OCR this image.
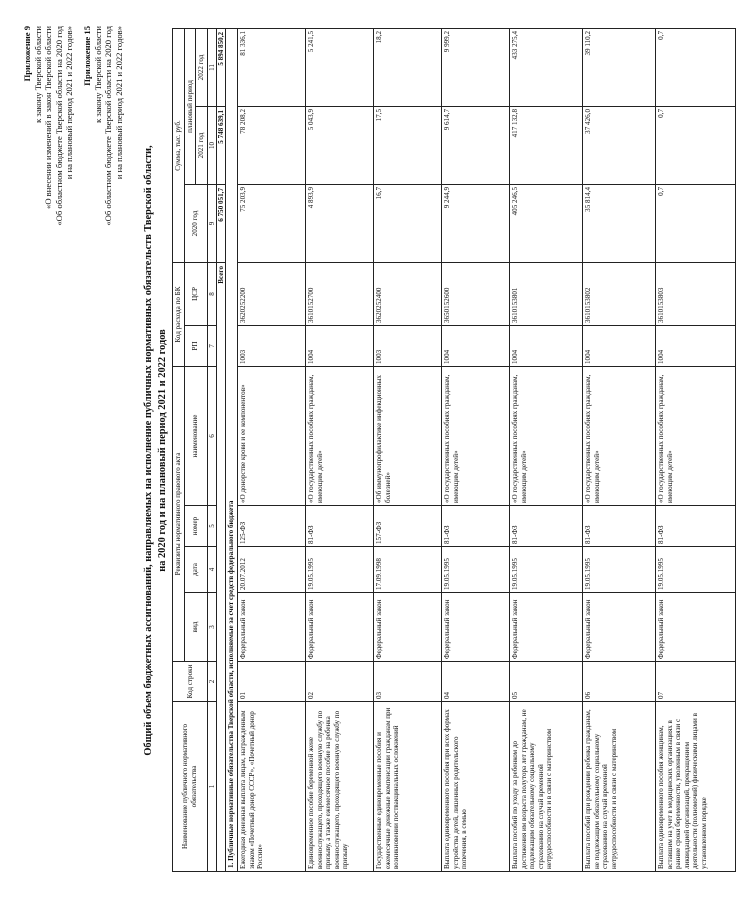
Приложение 9 к закону Тверской области «О внесении изменений в закон Тверской области «Об областном бюджете Тверской области на 2020 год и на плановый период 2021 и 2022 годов» Приложение 15 к закону Тверской области «Об областном бюджете Тверской области на 2020 год и на плановый период 2021 и 2022 годов»
Общий объем бюджетных ассигнований, направляемых на исполнение публичных нормативных обязательств Тверской области, на 2020 год и на плановый период 2021 и 2022 годов
Наименование публичного нормативного обязательства	Код строки	Реквизиты нормативного правового акта				Код расхода по БК		Сумма, тыс. руб.		
		вид	дата	номер	наименование	РП	ЦСР	2020 год	плановый период	
									2021 год	2022 год
1	2	3	4	5	6	7	8	9	10	11
Всего								6 750 051,7	5 748 639,1	5 894 850,2
1. Публичные нормативные обязательства Тверской области, исполняемые за счет средств федерального бюджета										
Ежегодная денежная выплата лицам, награжденным знаком «Почетный донор СССР», «Почетный донор России»	01	Федеральный закон	20.07.2012	125-ФЗ	«О донорстве крови и ее компонентов»	1003	3620252200	75 203,9	78 208,2	81 336,1
Единовременное пособие беременной жене военнослужащего, проходящего военную службу по призыву, а также ежемесячное пособие на ребенка военнослужащего, проходящего военную службу по призыву	02	Федеральный закон	19.05.1995	81-ФЗ	«О государственных пособиях гражданам, имеющим детей»	1004	3610152700	4 893,9	5 043,9	5 241,5
Государственные единовременные пособия и ежемесячные денежные компенсации гражданам при возникновении поствакцинальных осложнений	03	Федеральный закон	17.09.1998	157-ФЗ	«Об иммунопрофилактике инфекционных болезней»	1003	3620252400	16,7	17,5	18,2
Выплата единовременного пособия при всех формах устройства детей, лишенных родительского попечения, в семью	04	Федеральный закон	19.05.1995	81-ФЗ	«О государственных пособиях гражданам, имеющим детей»	1004	3650152600	9 244,9	9 614,7	9 999,2
Выплата пособий по уходу за ребенком до достижения им возраста полутора лет гражданам, не подлежащим обязательному социальному страхованию на случай временной нетрудоспособности и в связи с материнством	05	Федеральный закон	19.05.1995	81-ФЗ	«О государственных пособиях гражданам, имеющим детей»	1004	3610153801	405 246,5	417 132,8	433 275,4
Выплата пособий при рождении ребенка гражданам, не подлежащим обязательному социальному страхованию на случай временной нетрудоспособности и в связи с материнством	06	Федеральный закон	19.05.1995	81-ФЗ	«О государственных пособиях гражданам, имеющим детей»	1004	3610153802	35 814,4	37 426,0	39 110,2
Выплата единовременного пособия женщинам, вставшим на учет в медицинских организациях в ранние сроки беременности, уволенным в связи с ликвидацией организаций, прекращением деятельности (полномочий) физическими лицами в установленном порядке	07	Федеральный закон	19.05.1995	81-ФЗ	«О государственных пособиях гражданам, имеющим детей»	1004	3610153803	0,7	0,7	0,7
